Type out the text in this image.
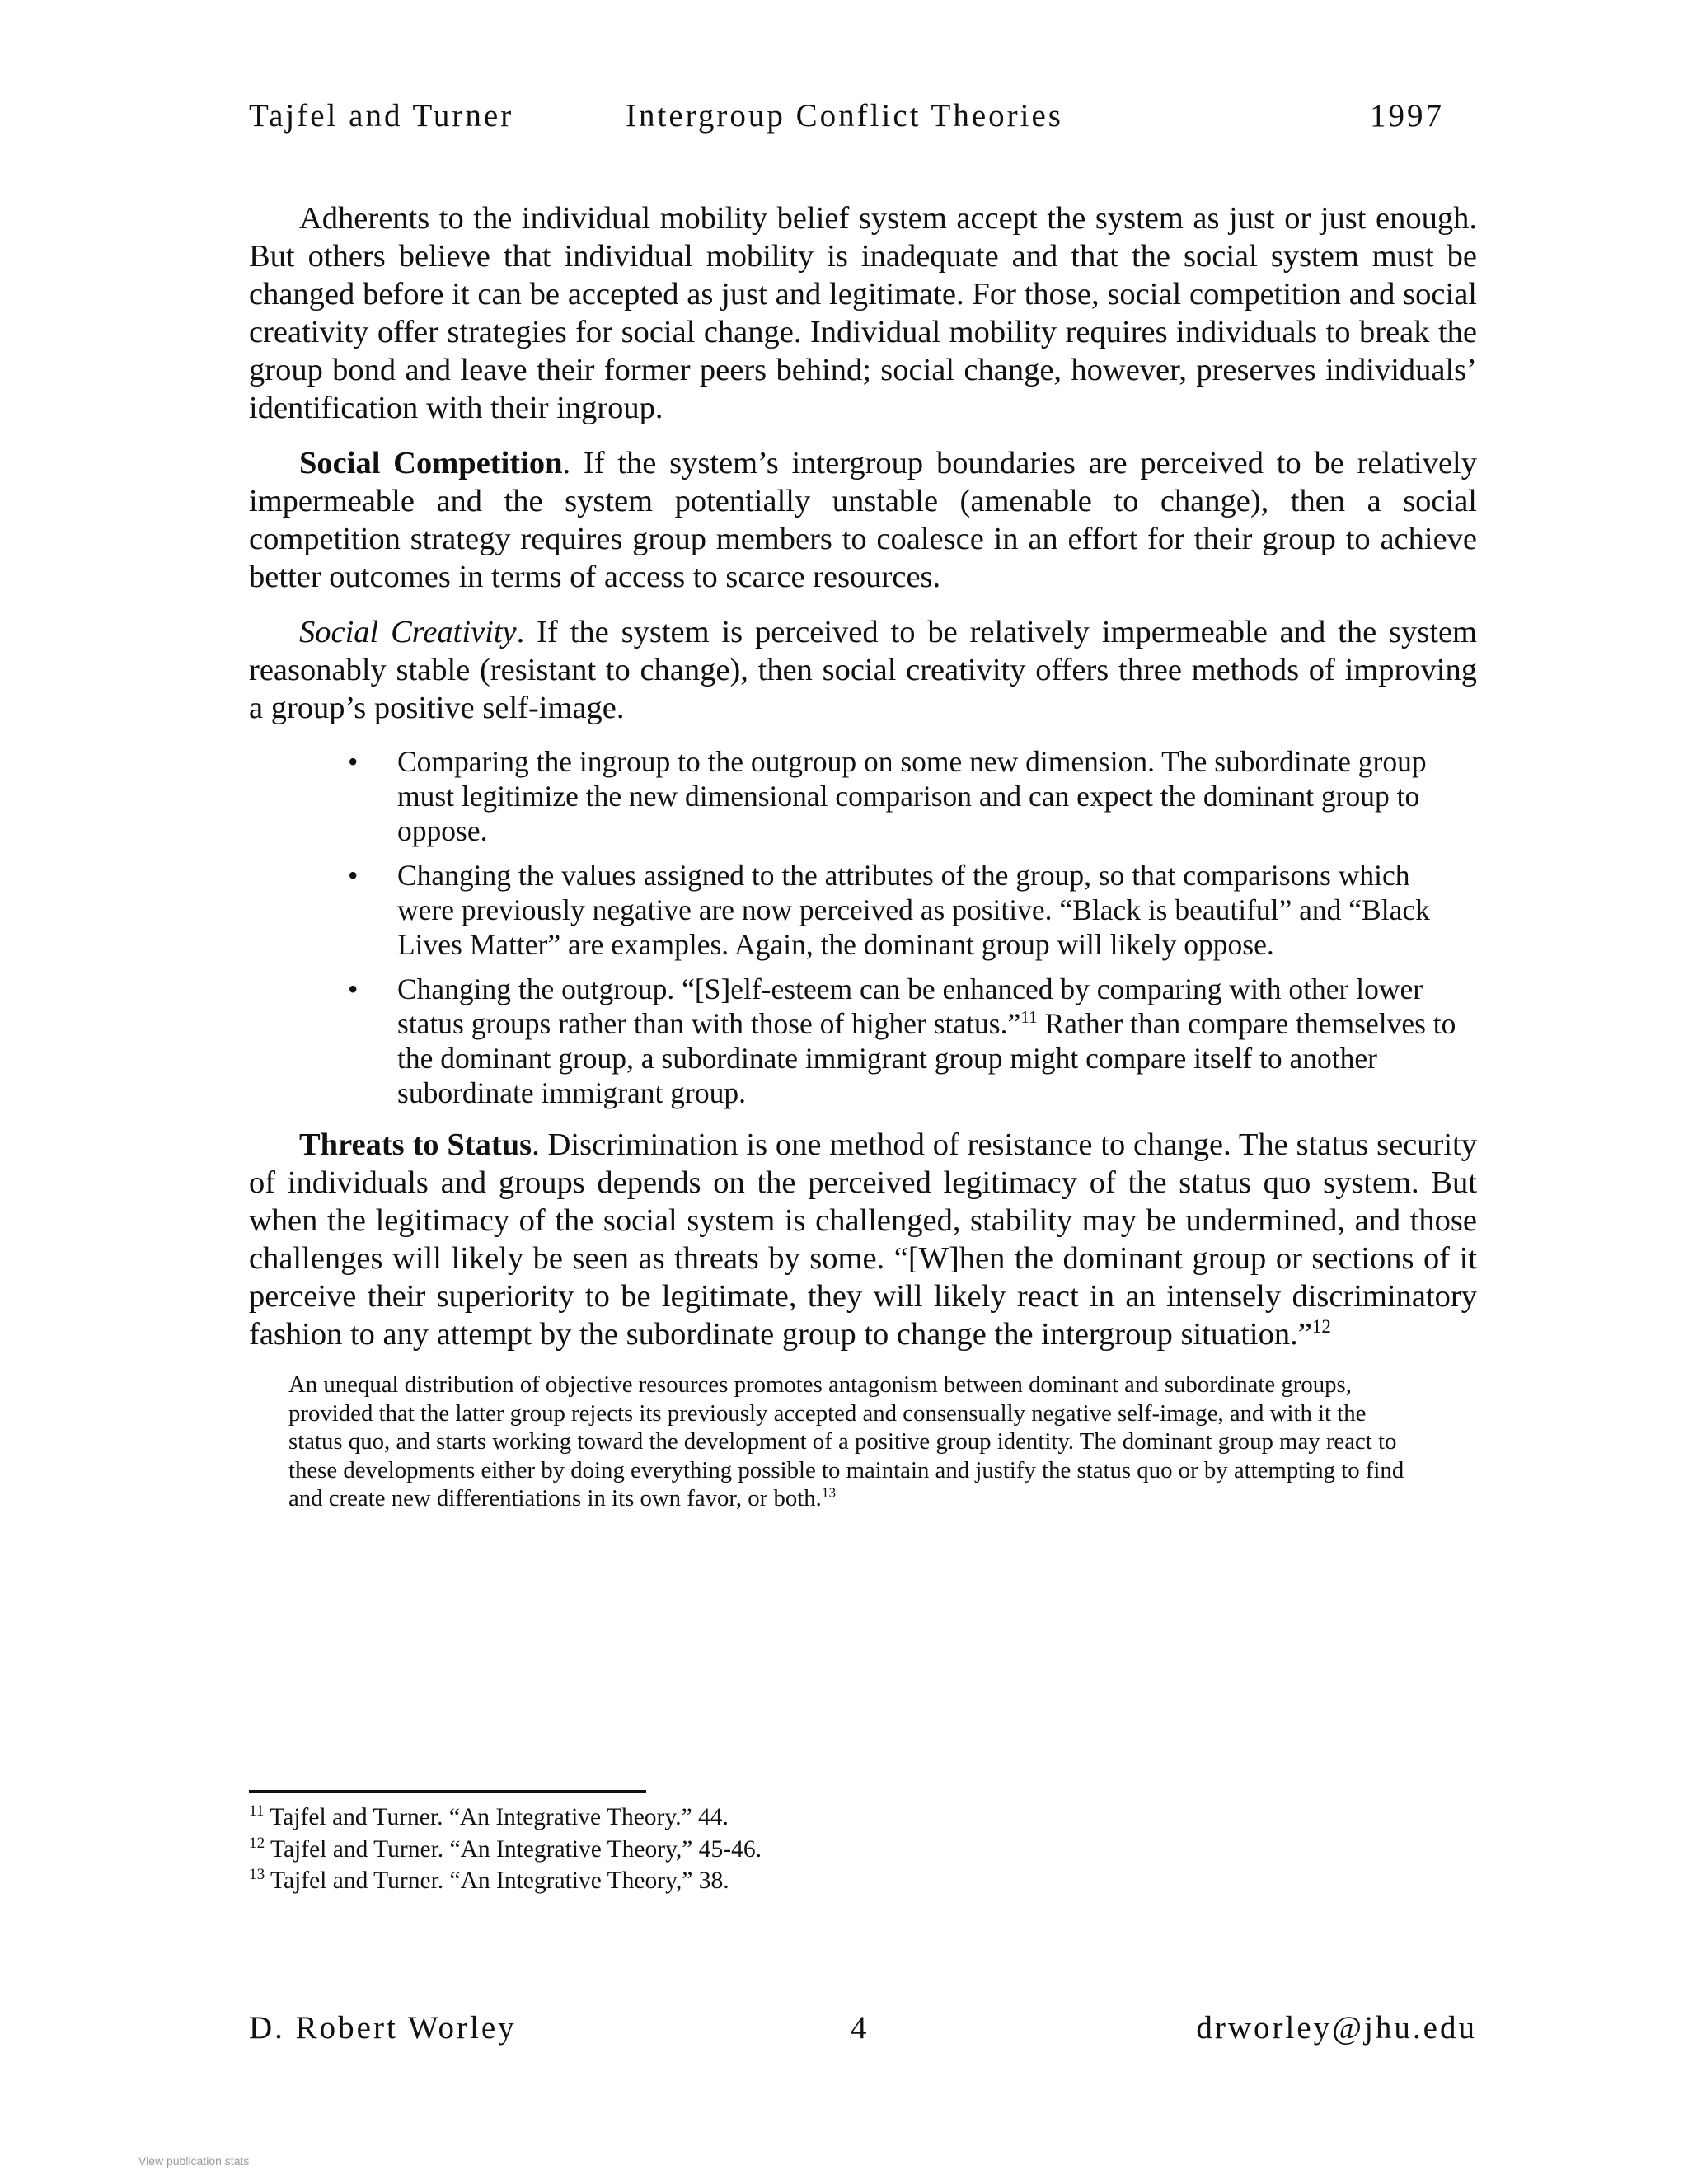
Tajfel and Turner	Intergroup Conflict Theories	1997

Adherents to the individual mobility belief system accept the system as just or just enough. But others believe that individual mobility is inadequate and that the social system must be changed before it can be accepted as just and legitimate. For those, social competition and social creativity offer strategies for social change. Individual mobility requires individuals to break the group bond and leave their former peers behind; social change, however, preserves individuals’ identification with their ingroup.

Social Competition. If the system’s intergroup boundaries are perceived to be relatively impermeable and the system potentially unstable (amenable to change), then a social competition strategy requires group members to coalesce in an effort for their group to achieve better outcomes in terms of access to scarce resources.

Social Creativity. If the system is perceived to be relatively impermeable and the system reasonably stable (resistant to change), then social creativity offers three methods of improving a group’s positive self-image.

• Comparing the ingroup to the outgroup on some new dimension. The subordinate group must legitimize the new dimensional comparison and can expect the dominant group to oppose.
• Changing the values assigned to the attributes of the group, so that comparisons which were previously negative are now perceived as positive. “Black is beautiful” and “Black Lives Matter” are examples. Again, the dominant group will likely oppose.
• Changing the outgroup. “[S]elf-esteem can be enhanced by comparing with other lower status groups rather than with those of higher status.”$^{11}$ Rather than compare themselves to the dominant group, a subordinate immigrant group might compare itself to another subordinate immigrant group.

Threats to Status. Discrimination is one method of resistance to change. The status security of individuals and groups depends on the perceived legitimacy of the status quo system. But when the legitimacy of the social system is challenged, stability may be undermined, and those challenges will likely be seen as threats by some. “[W]hen the dominant group or sections of it perceive their superiority to be legitimate, they will likely react in an intensely discriminatory fashion to any attempt by the subordinate group to change the intergroup situation.”$^{12}$

An unequal distribution of objective resources promotes antagonism between dominant and subordinate groups, provided that the latter group rejects its previously accepted and consensually negative self-image, and with it the status quo, and starts working toward the development of a positive group identity. The dominant group may react to these developments either by doing everything possible to maintain and justify the status quo or by attempting to find and create new differentiations in its own favor, or both.$^{13}$

$^{11}$ Tajfel and Turner. “An Integrative Theory.” 44.
$^{12}$ Tajfel and Turner. “An Integrative Theory,” 45-46.
$^{13}$ Tajfel and Turner. “An Integrative Theory,” 38.
D. Robert Worley	4	drworley@jhu.edu
View publication stats
